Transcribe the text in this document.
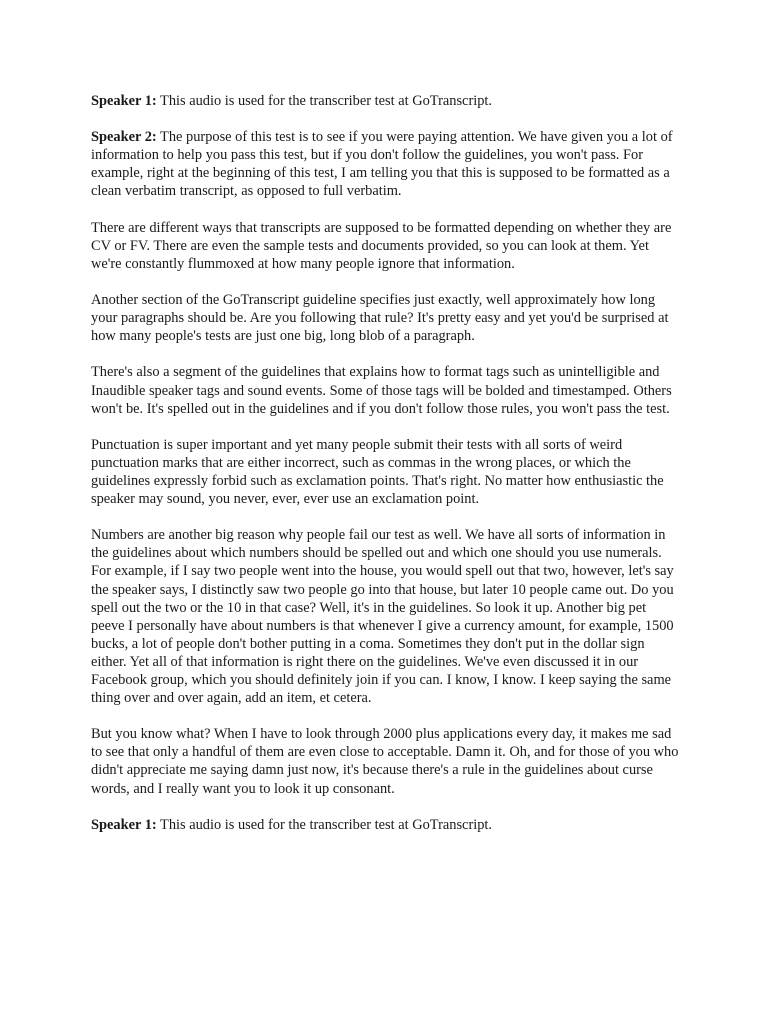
Speaker 1: This audio is used for the transcriber test at GoTranscript.

Speaker 2: The purpose of this test is to see if you were paying attention. We have given you a lot of information to help you pass this test, but if you don't follow the guidelines, you won't pass. For example, right at the beginning of this test, I am telling you that this is supposed to be formatted as a clean verbatim transcript, as opposed to full verbatim.

There are different ways that transcripts are supposed to be formatted depending on whether they are CV or FV. There are even the sample tests and documents provided, so you can look at them. Yet we're constantly flummoxed at how many people ignore that information.

Another section of the GoTranscript guideline specifies just exactly, well approximately how long your paragraphs should be. Are you following that rule? It's pretty easy and yet you'd be surprised at how many people's tests are just one big, long blob of a paragraph.

There's also a segment of the guidelines that explains how to format tags such as unintelligible and Inaudible speaker tags and sound events. Some of those tags will be bolded and timestamped. Others won't be. It's spelled out in the guidelines and if you don't follow those rules, you won't pass the test.

Punctuation is super important and yet many people submit their tests with all sorts of weird punctuation marks that are either incorrect, such as commas in the wrong places, or which the guidelines expressly forbid such as exclamation points. That's right. No matter how enthusiastic the speaker may sound, you never, ever, ever use an exclamation point.

Numbers are another big reason why people fail our test as well. We have all sorts of information in the guidelines about which numbers should be spelled out and which one should you use numerals. For example, if I say two people went into the house, you would spell out that two, however, let's say the speaker says, I distinctly saw two people go into that house, but later 10 people came out. Do you spell out the two or the 10 in that case? Well, it's in the guidelines. So look it up. Another big pet peeve I personally have about numbers is that whenever I give a currency amount, for example, 1500 bucks, a lot of people don't bother putting in a coma. Sometimes they don't put in the dollar sign either. Yet all of that information is right there on the guidelines. We've even discussed it in our Facebook group, which you should definitely join if you can. I know, I know. I keep saying the same thing over and over again, add an item, et cetera.

But you know what? When I have to look through 2000 plus applications every day, it makes me sad to see that only a handful of them are even close to acceptable. Damn it. Oh, and for those of you who didn't appreciate me saying damn just now, it's because there's a rule in the guidelines about curse words, and I really want you to look it up consonant.

Speaker 1: This audio is used for the transcriber test at GoTranscript.
